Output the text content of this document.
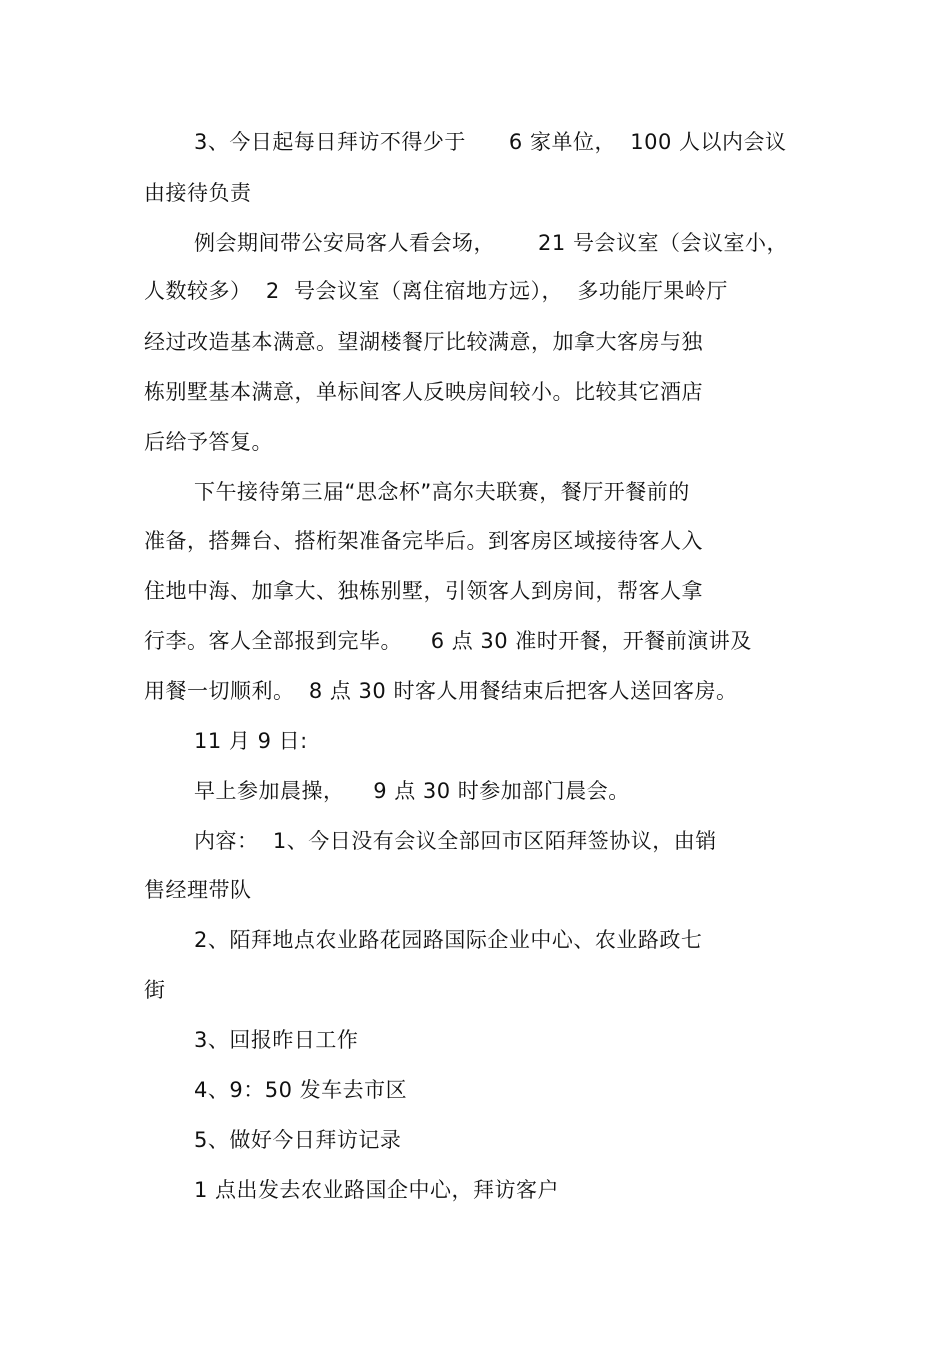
3、今日起每日拜访不得少于      6 家单位，  100 人以内会议
由接待负责
例会期间带公安局客人看会场，      21 号会议室（会议室小，
人数较多）  2  号会议室（离住宿地方远），  多功能厅果岭厅
经过改造基本满意。望湖楼餐厅比较满意，加拿大客房与独
栋别墅基本满意，单标间客人反映房间较小。比较其它酒店
后给予答复。
下午接待第三届“思念杯”高尔夫联赛，餐厅开餐前的
准备，搭舞台、搭桁架准备完毕后。到客房区域接待客人入
住地中海、加拿大、独栋别墅，引领客人到房间，帮客人拿
行李。客人全部报到完毕。    6 点 30 准时开餐，开餐前演讲及
用餐一切顺利。  8 点 30 时客人用餐结束后把客人送回客房。
11 月 9 日:
早上参加晨操，    9 点 30 时参加部门晨会。
内容：  1、今日没有会议全部回市区陌拜签协议，由销
售经理带队
2、陌拜地点农业路花园路国际企业中心、农业路政七
街
3、回报昨日工作
4、9：50 发车去市区
5、做好今日拜访记录
1 点出发去农业路国企中心，拜访客户
